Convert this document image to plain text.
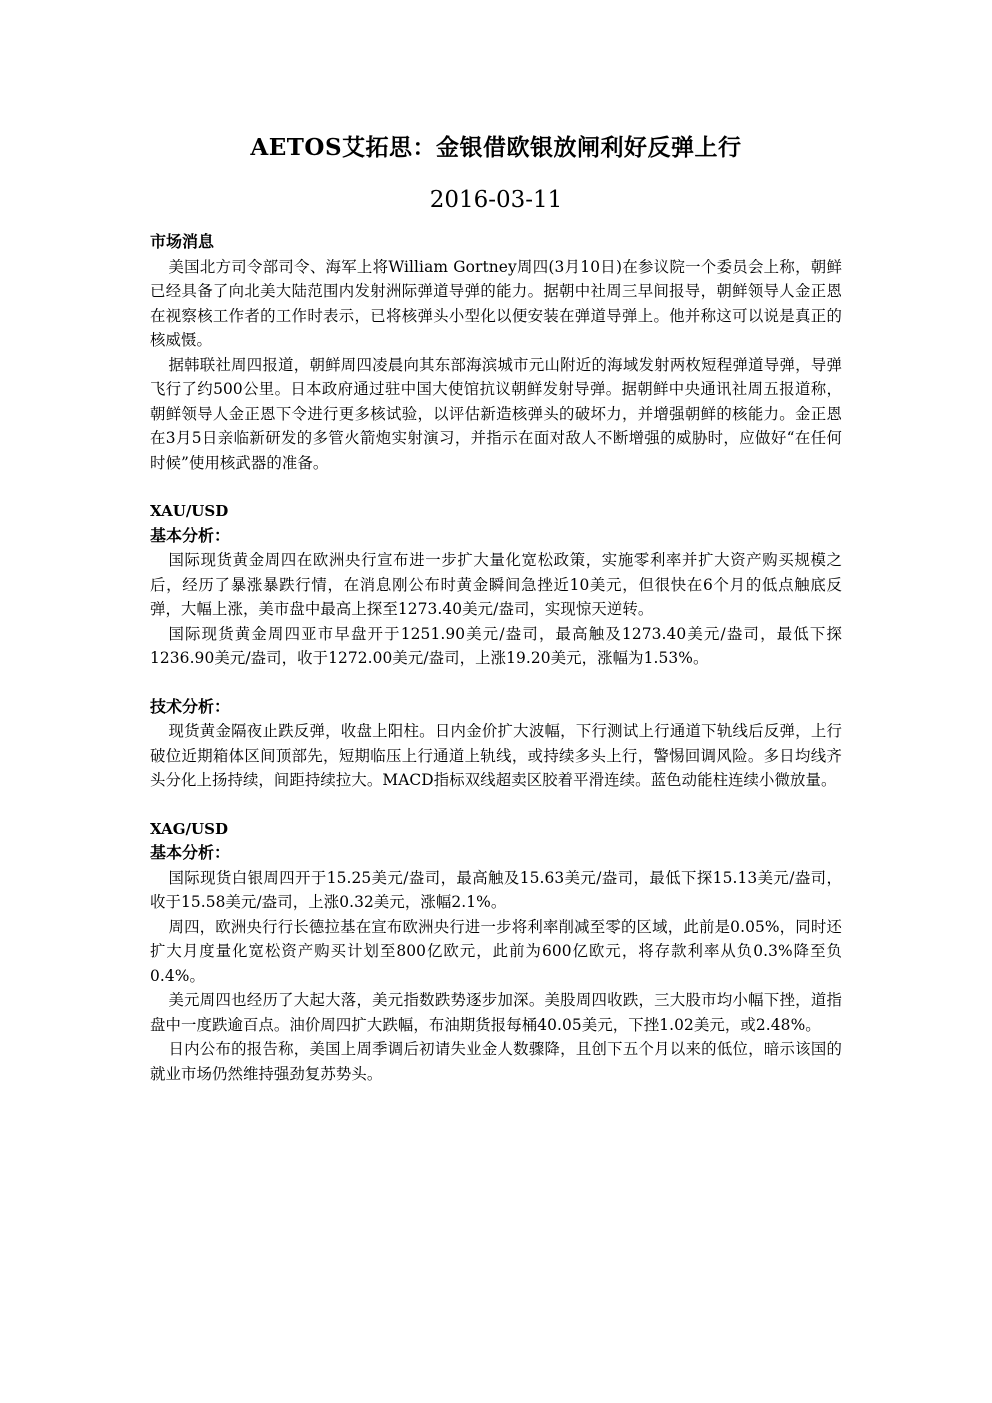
AETOS艾拓思：金银借欧银放闸利好反弹上行
2016-03-11
市场消息

美国北方司令部司令、海军上将William Gortney周四(3月10日)在参议院一个委员会上称，朝鲜已经具备了向北美大陆范围内发射洲际弹道导弹的能力。据朝中社周三早间报导，朝鲜领导人金正恩在视察核工作者的工作时表示，已将核弹头小型化以便安装在弹道导弹上。他并称这可以说是真正的核威慑。

据韩联社周四报道，朝鲜周四凌晨向其东部海滨城市元山附近的海域发射两枚短程弹道导弹，导弹飞行了约500公里。日本政府通过驻中国大使馆抗议朝鲜发射导弹。据朝鲜中央通讯社周五报道称，朝鲜领导人金正恩下令进行更多核试验，以评估新造核弹头的破坏力，并增强朝鲜的核能力。金正恩在3月5日亲临新研发的多管火箭炮实射演习，并指示在面对敌人不断增强的威胁时，应做好“在任何时候”使用核武器的准备。

XAU/USD
基本分析：

国际现货黄金周四在欧洲央行宣布进一步扩大量化宽松政策，实施零利率并扩大资产购买规模之后，经历了暴涨暴跌行情，在消息刚公布时黄金瞬间急挫近10美元，但很快在6个月的低点触底反弹，大幅上涨，美市盘中最高上探至1273.40美元/盎司，实现惊天逆转。

国际现货黄金周四亚市早盘开于1251.90美元/盎司，最高触及1273.40美元/盎司，最低下探1236.90美元/盎司，收于1272.00美元/盎司，上涨19.20美元，涨幅为1.53%。

技术分析：

现货黄金隔夜止跌反弹，收盘上阳柱。日内金价扩大波幅，下行测试上行通道下轨线后反弹，上行破位近期箱体区间顶部先，短期临压上行通道上轨线，或持续多头上行，警惕回调风险。多日均线齐头分化上扬持续，间距持续拉大。MACD指标双线超卖区胶着平滑连续。蓝色动能柱连续小微放量。

XAG/USD
基本分析：

国际现货白银周四开于15.25美元/盎司，最高触及15.63美元/盎司，最低下探15.13美元/盎司，收于15.58美元/盎司，上涨0.32美元，涨幅2.1%。

周四，欧洲央行行长德拉基在宣布欧洲央行进一步将利率削减至零的区域，此前是0.05%，同时还扩大月度量化宽松资产购买计划至800亿欧元，此前为600亿欧元，将存款利率从负0.3%降至负0.4%。

美元周四也经历了大起大落，美元指数跌势逐步加深。美股周四收跌，三大股市均小幅下挫，道指盘中一度跌逾百点。油价周四扩大跌幅，布油期货报每桶40.05美元，下挫1.02美元，或2.48%。

日内公布的报告称，美国上周季调后初请失业金人数骤降，且创下五个月以来的低位，暗示该国的就业市场仍然维持强劲复苏势头。
